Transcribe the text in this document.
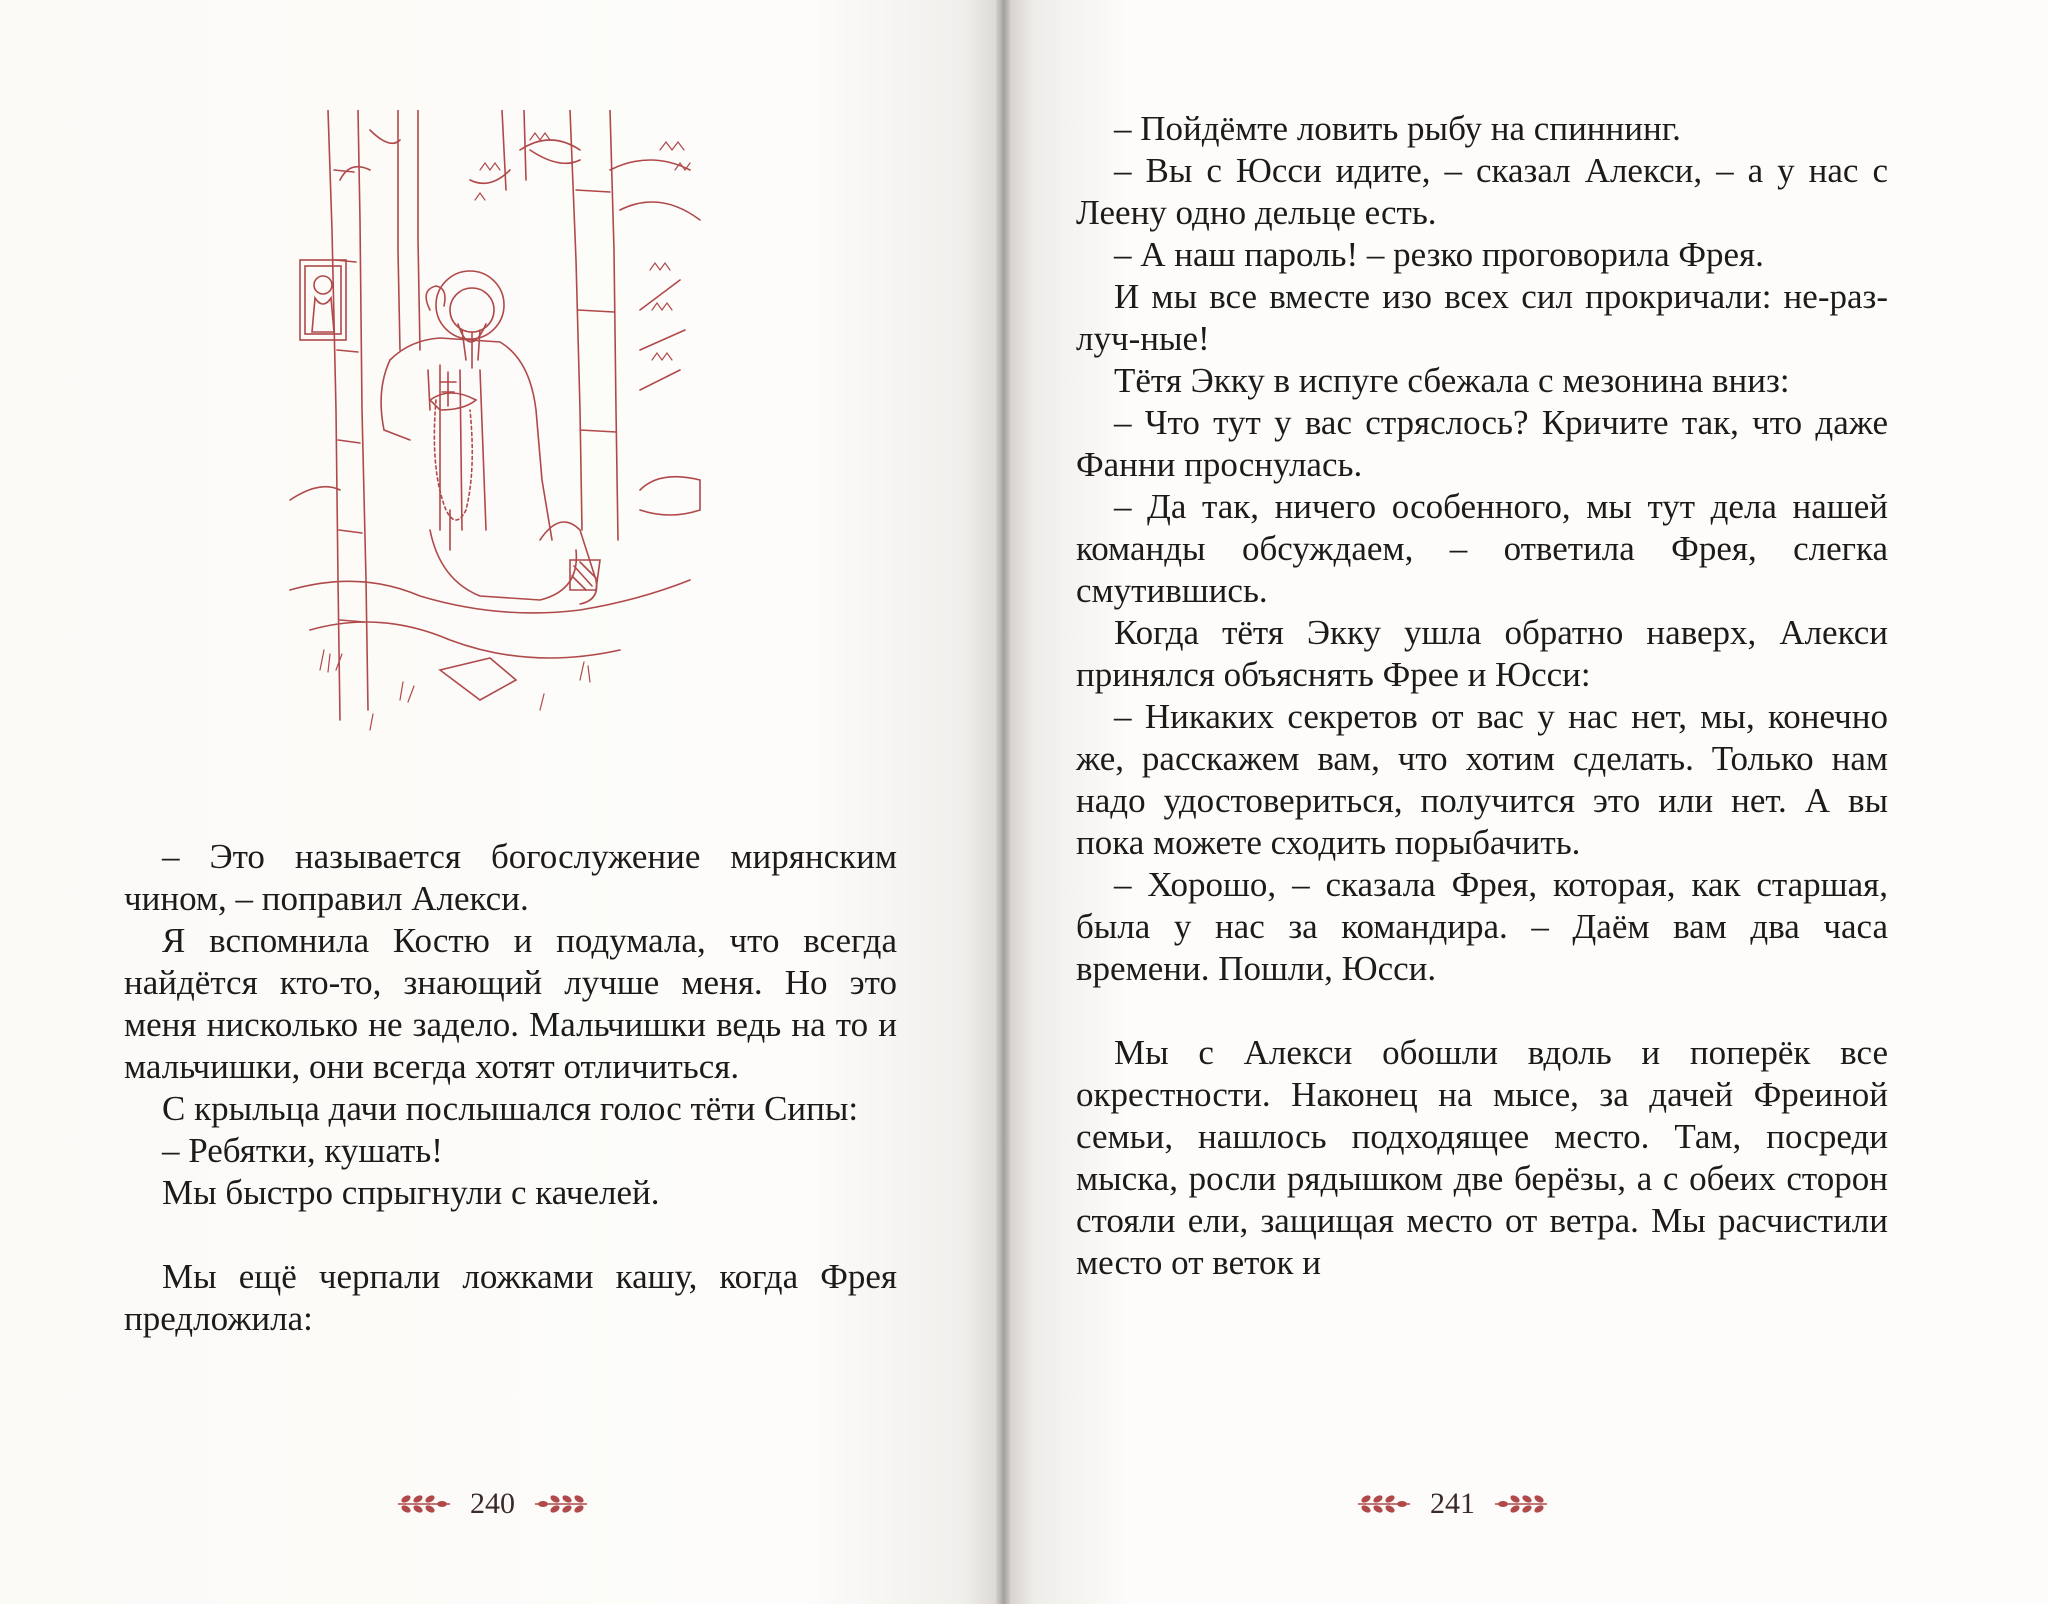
– Это называется богослужение мирянским чином, – поправил Алекси.

Я вспомнила Костю и подумала, что всегда найдётся кто-то, знающий лучше меня. Но это меня нисколько не задело. Мальчишки ведь на то и мальчишки, они всегда хотят отличиться.

С крыльца дачи послышался голос тёти Сипы:

– Ребятки, кушать!

Мы быстро спрыгнули с качелей.

Мы ещё черпали ложками кашу, когда Фрея предложила:

240

– Пойдёмте ловить рыбу на спиннинг.

– Вы с Юсси идите, – сказал Алекси, – а у нас с Леену одно дельце есть.

– А наш пароль! – резко проговорила Фрея.

И мы все вместе изо всех сил прокричали: не-раз-луч-ные!

Тётя Экку в испуге сбежала с мезонина вниз:

– Что тут у вас стряслось? Кричите так, что даже Фанни проснулась.

– Да так, ничего особенного, мы тут дела нашей команды обсуждаем, – ответила Фрея, слегка смутившись.

Когда тётя Экку ушла обратно наверх, Алекси принялся объяснять Фрее и Юсси:

– Никаких секретов от вас у нас нет, мы, конечно же, расскажем вам, что хотим сделать. Только нам надо удостовериться, получится это или нет. А вы пока можете сходить порыбачить.

– Хорошо, – сказала Фрея, которая, как старшая, была у нас за командира. – Даём вам два часа времени. Пошли, Юсси.

Мы с Алекси обошли вдоль и поперёк все окрестности. Наконец на мысе, за дачей Фреиной семьи, нашлось подходящее место. Там, посреди мыска, росли рядышком две берёзы, а с обеих сторон стояли ели, защищая место от ветра. Мы расчистили место от веток и

241
